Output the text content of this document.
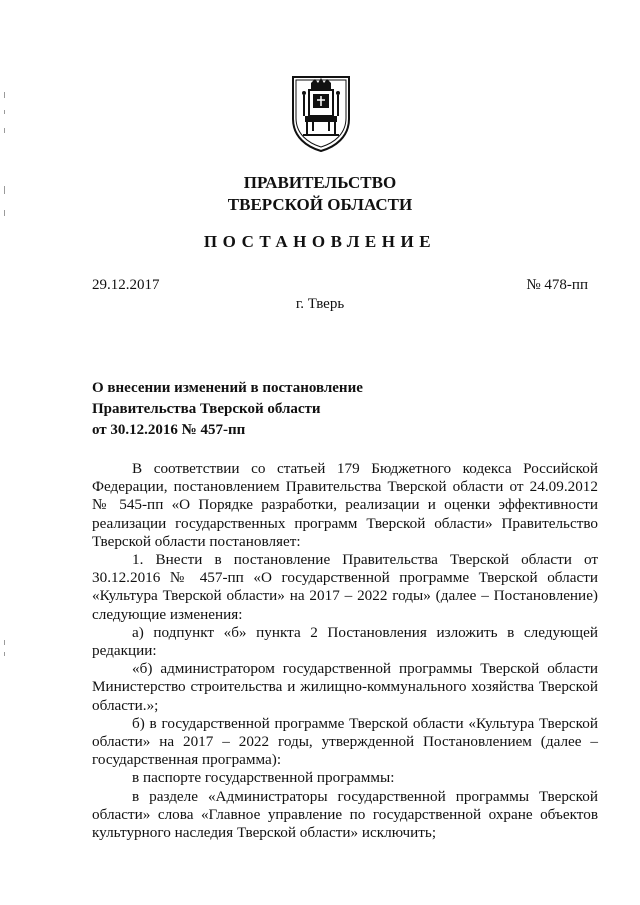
ПРАВИТЕЛЬСТВО
ТВЕРСКОЙ ОБЛАСТИ
ПОСТАНОВЛЕНИЕ
29.12.2017	№ 478-пп
г. Тверь
О внесении изменений в постановление
Правительства Тверской области
от 30.12.2016 № 457-пп

В соответствии со статьей 179 Бюджетного кодекса Российской Федерации, постановлением Правительства Тверской области от 24.09.2012 № 545-пп «О Порядке разработки, реализации и оценки эффективности реализации государственных программ Тверской области» Правительство Тверской области постановляет:

1. Внести в постановление Правительства Тверской области от 30.12.2016 № 457-пп «О государственной программе Тверской области «Культура Тверской области» на 2017 – 2022 годы» (далее – Постановление) следующие изменения:

а) подпункт «б» пункта 2 Постановления изложить в следующей редакции:

«б) администратором государственной программы Тверской области Министерство строительства и жилищно-коммунального хозяйства Тверской области.»;

б) в государственной программе Тверской области «Культура Тверской области» на 2017 – 2022 годы, утвержденной Постановлением (далее – государственная программа):

в паспорте государственной программы:

в разделе «Администраторы государственной программы Тверской области» слова «Главное управление по государственной охране объектов культурного наследия Тверской области» исключить;
